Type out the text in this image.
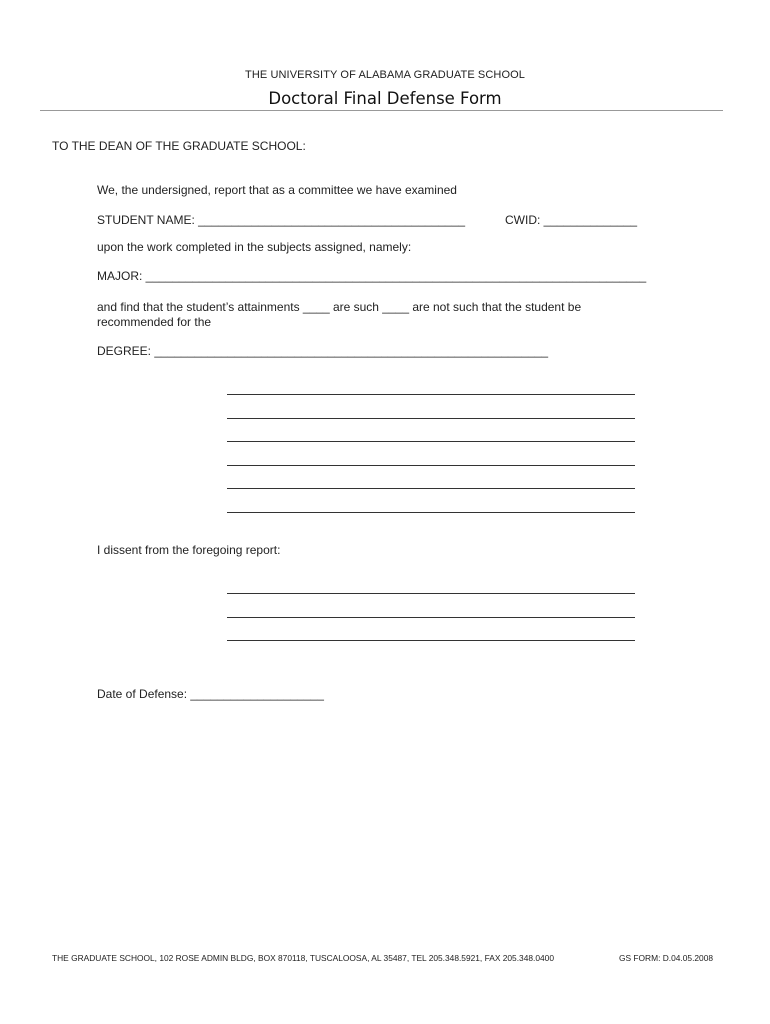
THE UNIVERSITY OF ALABAMA GRADUATE SCHOOL
Doctoral Final Defense Form
TO THE DEAN OF THE GRADUATE SCHOOL:
We, the undersigned, report that as a committee we have examined
STUDENT NAME: ________________________________________	CWID: ______________
upon the work completed in the subjects assigned, namely:
MAJOR: ___________________________________________________________________________
and find that the student’s attainments ____ are such ____ are not such that the student be
recommended for the
DEGREE: ___________________________________________________________
I dissent from the foregoing report:
Date of Defense: ____________________
THE GRADUATE SCHOOL, 102 ROSE ADMIN BLDG, BOX 870118, TUSCALOOSA, AL 35487, TEL 205.348.5921, FAX 205.348.0400	GS FORM: D.04.05.2008
